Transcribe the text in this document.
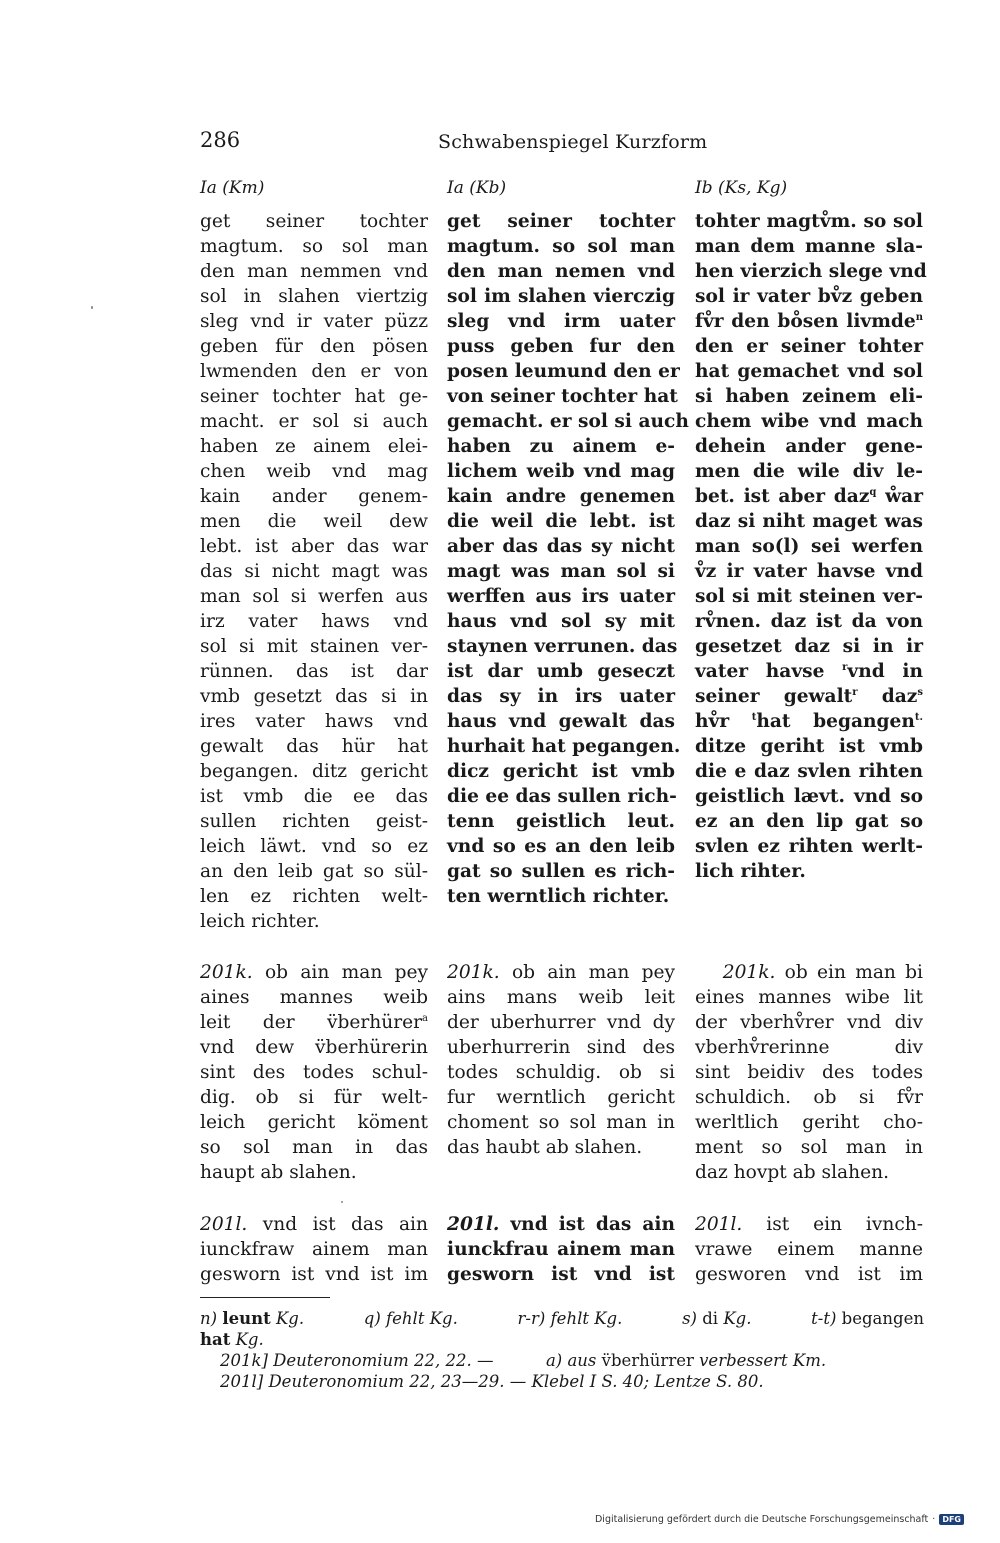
286	Schwabenspiegel Kurzform
Ia (Km)	Ia (Kb)	Ib (Ks, Kg)
get seiner tochter
magtum. so sol man
den man nemmen vnd
sol in slahen viertzig
sleg vnd ir vater püzz
geben für den pösen
lwmenden den er von
seiner tochter hat ge-
macht. er sol si auch
haben ze ainem elei-
chen weib vnd mag
kain ander genem-
men die weil dew
lebt. ist aber das war
das si nicht magt was
man sol si werfen aus
irz vater haws vnd
sol si mit stainen ver-
rünnen. das ist dar
vmb gesetzt das si in
ires vater haws vnd
gewalt das hür hat
begangen. ditz gericht
ist vmb die ee das
sullen richten geist-
leich läwt. vnd so ez
an den leib gat so sül-
len ez richten welt-
leich richter.
get seiner tochter
magtum. so sol man
den man nemen vnd
sol im slahen vierczig
sleg vnd irm uater
puss geben fur den
posen leumund den er
von seiner tochter hat
gemacht. er sol si auch
haben zu ainem e-
lichem weib vnd mag
kain andre genemen
die weil die lebt. ist
aber das das sy nicht
magt was man sol si
werffen aus irs uater
haus vnd sol sy mit
staynen verrunen. das
ist dar umb geseczt
das sy in irs uater
haus vnd gewalt das
hurhait hat pegangen.
dicz gericht ist vmb
die ee das sullen rich-
tenn geistlich leut.
vnd so es an den leib
gat so sullen es rich-
ten werntlich richter.
tohter magtv̊m. so sol
man dem manne sla-
hen vierzich slege vnd
sol ir vater bv̊z geben
fv̊r den bo̊sen livmde$^n$
den er seiner tohter
hat gemachet vnd sol
si haben zeinem eli-
chem wibe vnd mach
dehein ander gene-
men die wile div le-
bet. ist aber daz$^q$ ẘar
daz si niht maget was
man so(l) sei werfen
v̊z ir vater havse vnd
sol si mit steinen ver-
rv̊nen. daz ist da von
gesetzet daz si in ir
vater havse $^r$vnd in
seiner gewalt$^r$ daz$^s$
hv̊r $^t$hat begangen$^{t.}$
ditze geriht ist vmb
die e daz svlen rihten
geistlich lævt. vnd so
ez an den lip gat so
svlen ez rihten werlt-
lich rihter.
201k. ob ain man pey
aines mannes weib
leit der v̈berhürer$^a$
vnd dew v̈berhürerin
sint des todes schul-
dig. ob si für welt-
leich gericht köment
so sol man in das
haupt ab slahen.
201k. ob ain man pey
ains mans weib leit
der uberhurrer vnd dy
uberhurrerin sind des
todes schuldig. ob si
fur werntlich gericht
choment so sol man in
das haubt ab slahen.
201k. ob ein man bi
eines mannes wibe lit
der vberhv̊rer vnd div
vberhv̊rerinne div
sint beidiv des todes
schuldich. ob si fv̊r
werltlich geriht cho-
ment so sol man in
daz hovpt ab slahen.
201l. vnd ist das ain
iunckfraw ainem man
gesworn ist vnd ist im
201l. vnd ist das ain
iunckfrau ainem man
gesworn ist vnd ist
201l. ist ein ivnch-
vrawe einem manne
gesworen vnd ist im
n) leunt Kg.	q) fehlt Kg.	r-r) fehlt Kg.	s) di Kg.	t-t) begangen
hat Kg.
201k] Deuteronomium 22, 22. —	a) aus v̈berhürrer verbessert Km.
201l] Deuteronomium 22, 23—29. — Klebel I S. 40; Lentze S. 80.
Digitalisierung gefördert durch die Deutsche Forschungsgemeinschaft · DFG
